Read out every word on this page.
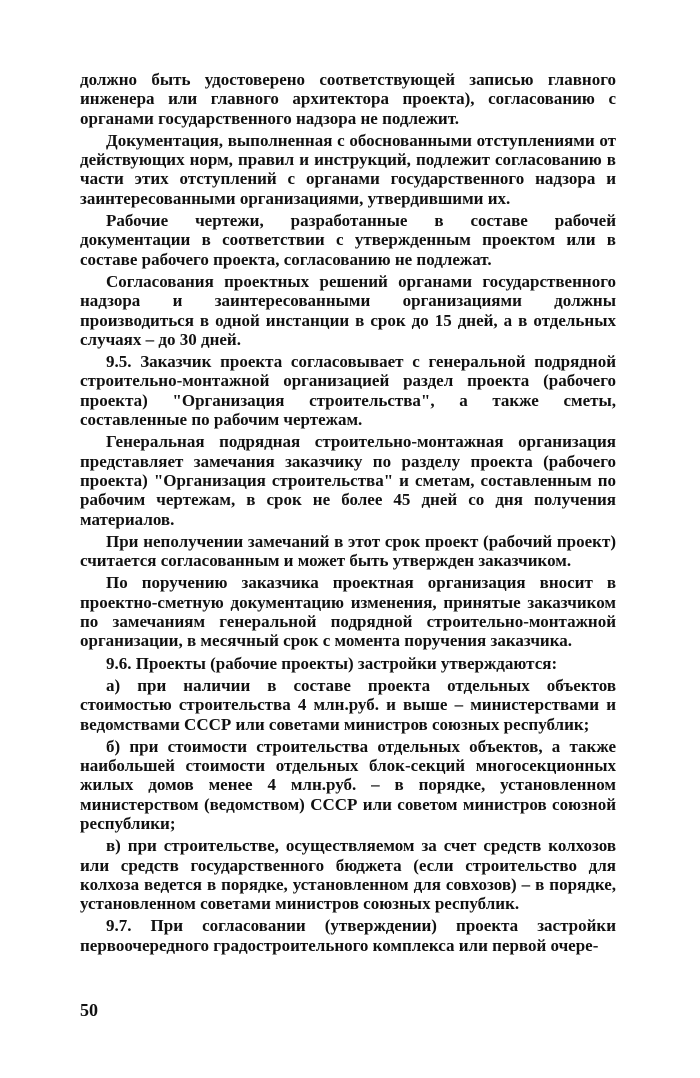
должно быть удостоверено соответствующей записью главного инженера или главного архитектора проекта), согласованию с органами государственного надзора не подлежит.

Документация, выполненная с обоснованными отступлениями от действующих норм, правил и инструкций, подлежит согласованию в части этих отступлений с органами государственного надзора и заинтересованными организациями, утвердившими их.

Рабочие чертежи, разработанные в составе рабочей документации в соответствии с утвержденным проектом или в составе рабочего проекта, согласованию не подлежат.

Согласования проектных решений органами государственного надзора и заинтересованными организациями должны производиться в одной инстанции в срок до 15 дней, а в отдельных случаях – до 30 дней.

9.5. Заказчик проекта согласовывает с генеральной подрядной строительно-монтажной организацией раздел проекта (рабочего проекта) "Организация строительства", а также сметы, составленные по рабочим чертежам.

Генеральная подрядная строительно-монтажная организация представляет замечания заказчику по разделу проекта (рабочего проекта) "Организация строительства" и сметам, составленным по рабочим чертежам, в срок не более 45 дней со дня получения материалов.

При неполучении замечаний в этот срок проект (рабочий проект) считается согласованным и может быть утвержден заказчиком.

По поручению заказчика проектная организация вносит в проектно-сметную документацию изменения, принятые заказчиком по замечаниям генеральной подрядной строительно-монтажной организации, в месячный срок с момента поручения заказчика.

9.6. Проекты (рабочие проекты) застройки утверждаются:

а) при наличии в составе проекта отдельных объектов стоимостью строительства 4 млн.руб. и выше – министерствами и ведомствами СССР или советами министров союзных республик;

б) при стоимости строительства отдельных объектов, а также наибольшей стоимости отдельных блок-секций многосекционных жилых домов менее 4 млн.руб. – в порядке, установленном министерством (ведомством) СССР или советом министров союзной республики;

в) при строительстве, осуществляемом за счет средств колхозов или средств государственного бюджета (если строительство для колхоза ведется в порядке, установленном для совхозов) – в порядке, установленном советами министров союзных республик.

9.7. При согласовании (утверждении) проекта застройки первоочередного градостроительного комплекса или первой очере-

50
